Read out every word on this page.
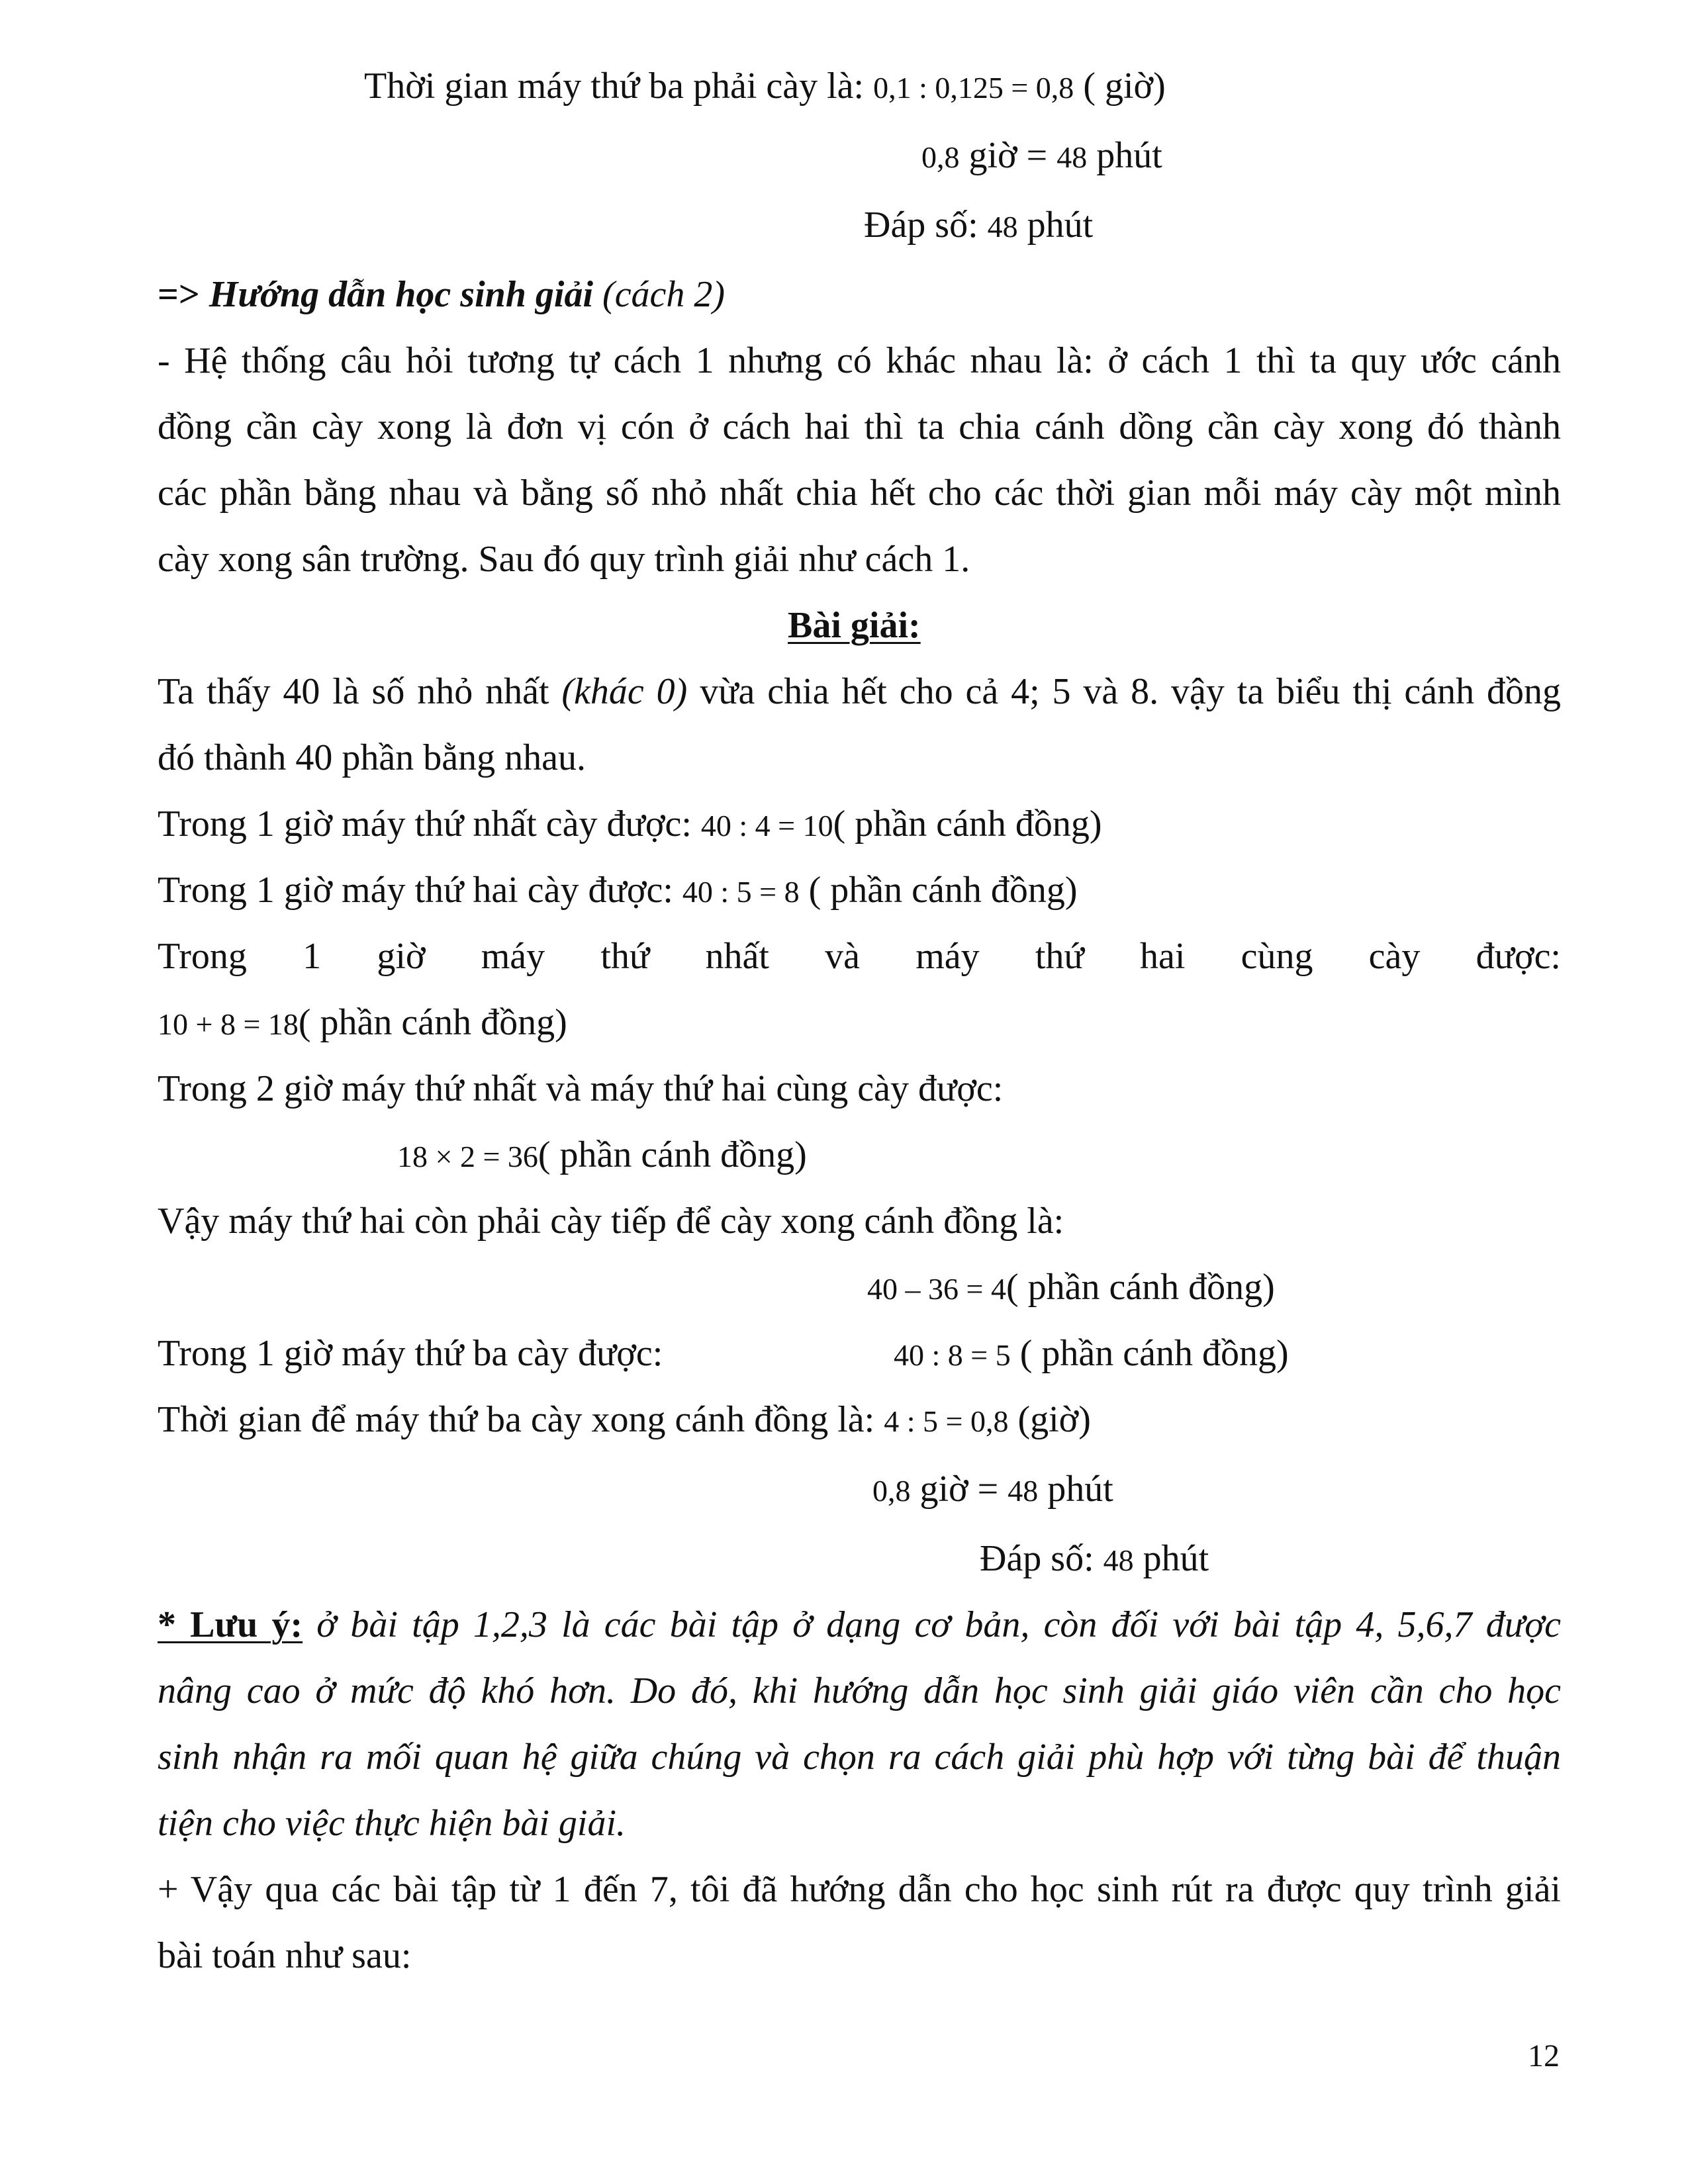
Thời gian máy thứ ba phải cày là: 0,1 : 0,125 = 0,8 ( giờ)
0,8 giờ = 48 phút
Đáp số: 48 phút
=> Hướng dẫn học sinh giải (cách 2)
- Hệ thống câu hỏi tương tự cách 1 nhưng có khác nhau là: ở cách 1 thì ta quy ước cánh
đồng cần cày xong là đơn vị cón ở cách hai thì ta chia cánh dồng cần cày xong đó thành
các phần bằng nhau và bằng số nhỏ nhất chia hết cho các thời gian mỗi máy cày một mình
cày xong sân trường. Sau đó quy trình giải như cách 1.
Bài giải:
Ta thấy 40 là số nhỏ nhất (khác 0) vừa chia hết cho cả 4; 5 và 8. vậy ta biểu thị cánh đồng
đó thành 40 phần bằng nhau.
Trong 1 giờ máy thứ nhất cày được: 40 : 4 = 10( phần cánh đồng)
Trong 1 giờ máy thứ hai cày được: 40 : 5 = 8 ( phần cánh đồng)
Trong 1 giờ máy thứ nhất và máy thứ hai cùng cày được:
10 + 8 = 18( phần cánh đồng)
Trong 2 giờ máy thứ nhất và máy thứ hai cùng cày được:
18 × 2 = 36( phần cánh đồng)
Vậy máy thứ hai còn phải cày tiếp để cày xong cánh đồng là:
40 – 36 = 4( phần cánh đồng)
Trong 1 giờ máy thứ ba cày được:	40 : 8 = 5 ( phần cánh đồng)
Thời gian để máy thứ ba cày xong cánh đồng là: 4 : 5 = 0,8 (giờ)
0,8 giờ = 48 phút
Đáp số: 48 phút
* Lưu ý: ở bài tập 1,2,3 là các bài tập ở dạng cơ bản, còn đối với bài tập 4, 5,6,7 được
nâng cao ở mức độ khó hơn. Do đó, khi hướng dẫn học sinh giải giáo viên cần cho học
sinh nhận ra mối quan hệ giữa chúng và chọn ra cách giải phù hợp với từng bài để thuận
tiện cho việc thực hiện bài giải.
+ Vậy qua các bài tập từ 1 đến 7, tôi đã hướng dẫn cho học sinh rút ra được quy trình giải
bài toán như sau:
12
